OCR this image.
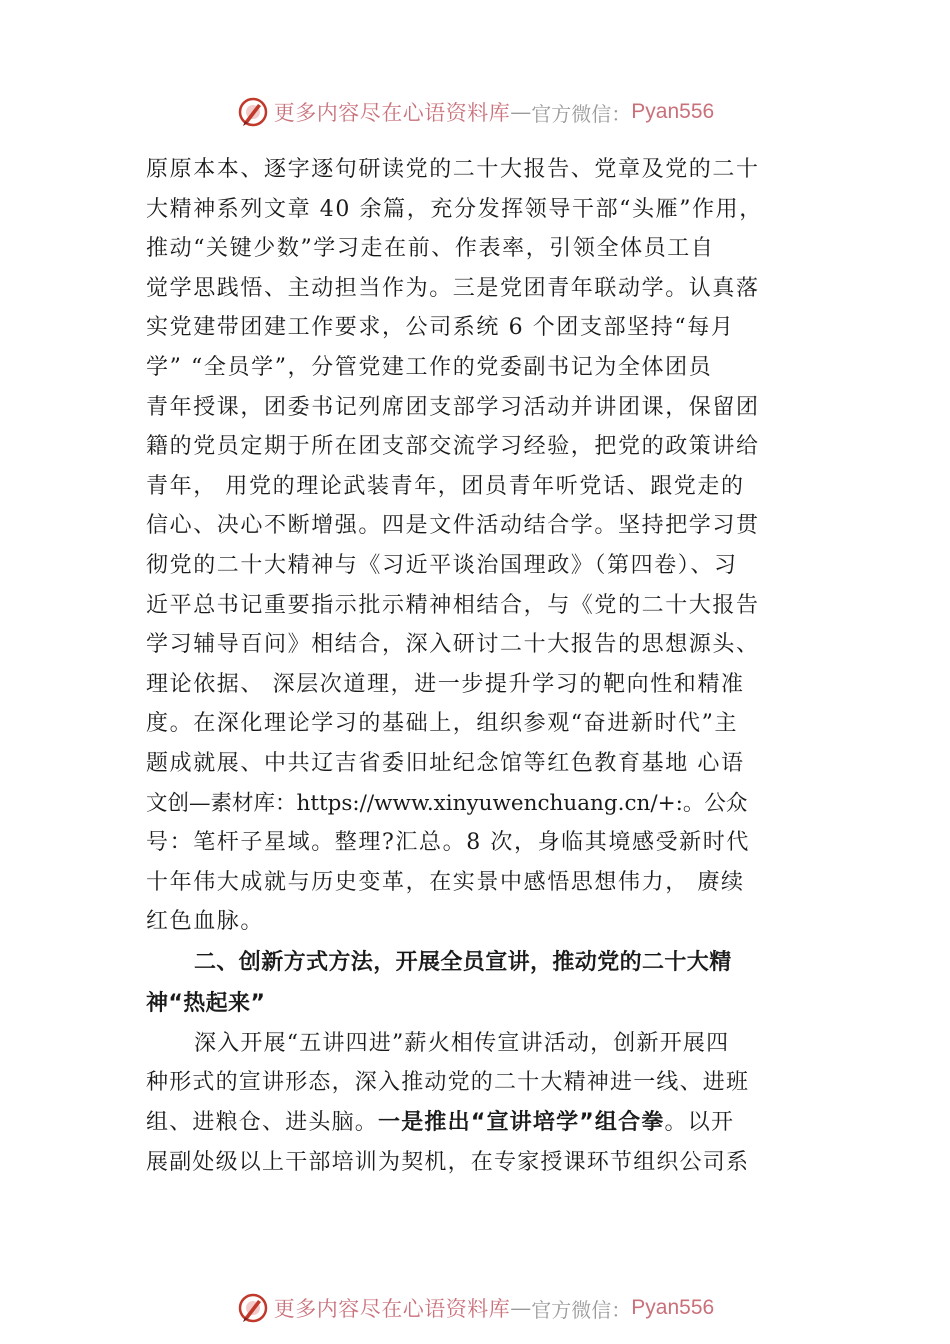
更多内容尽在心语资料库 — 官方微信： Pyan556
原原本本、逐字逐句研读党的二十大报告、党章及党的二十
大精神系列文章 40 余篇，充分发挥领导干部“头雁”作用，
推动“关键少数”学习走在前、作表率，引领全体员工自
觉学思践悟、主动担当作为。三是党团青年联动学。认真落
实党建带团建工作要求，公司系统 6 个团支部坚持“每月
学” “全员学”，分管党建工作的党委副书记为全体团员
青年授课，团委书记列席团支部学习活动并讲团课，保留团
籍的党员定期于所在团支部交流学习经验，把党的政策讲给
青年， 用党的理论武装青年，团员青年听党话、跟党走的
信心、决心不断增强。四是文件活动结合学。坚持把学习贯
彻党的二十大精神与《习近平谈治国理政》（第四卷）、习
近平总书记重要指示批示精神相结合，与《党的二十大报告
学习辅导百问》相结合，深入研讨二十大报告的思想源头、
理论依据、 深层次道理，进一步提升学习的靶向性和精准
度。在深化理论学习的基础上，组织参观“奋进新时代”主
题成就展、中共辽吉省委旧址纪念馆等红色教育基地 心语
文创—素材库：https://www.xinyuwenchuang.cn/+:。公众
号：笔杆子星域。整理?汇总。8 次，身临其境感受新时代
十年伟大成就与历史变革，在实景中感悟思想伟力， 赓续
红色血脉。
二、创新方式方法，开展全员宣讲，推动党的二十大精
神“热起来”
深入开展“五讲四进”薪火相传宣讲活动，创新开展四
种形式的宣讲形态，深入推动党的二十大精神进一线、进班
组、进粮仓、进头脑。一是推出“宣讲培学”组合拳。以开
展副处级以上干部培训为契机，在专家授课环节组织公司系
更多内容尽在心语资料库 — 官方微信： Pyan556
